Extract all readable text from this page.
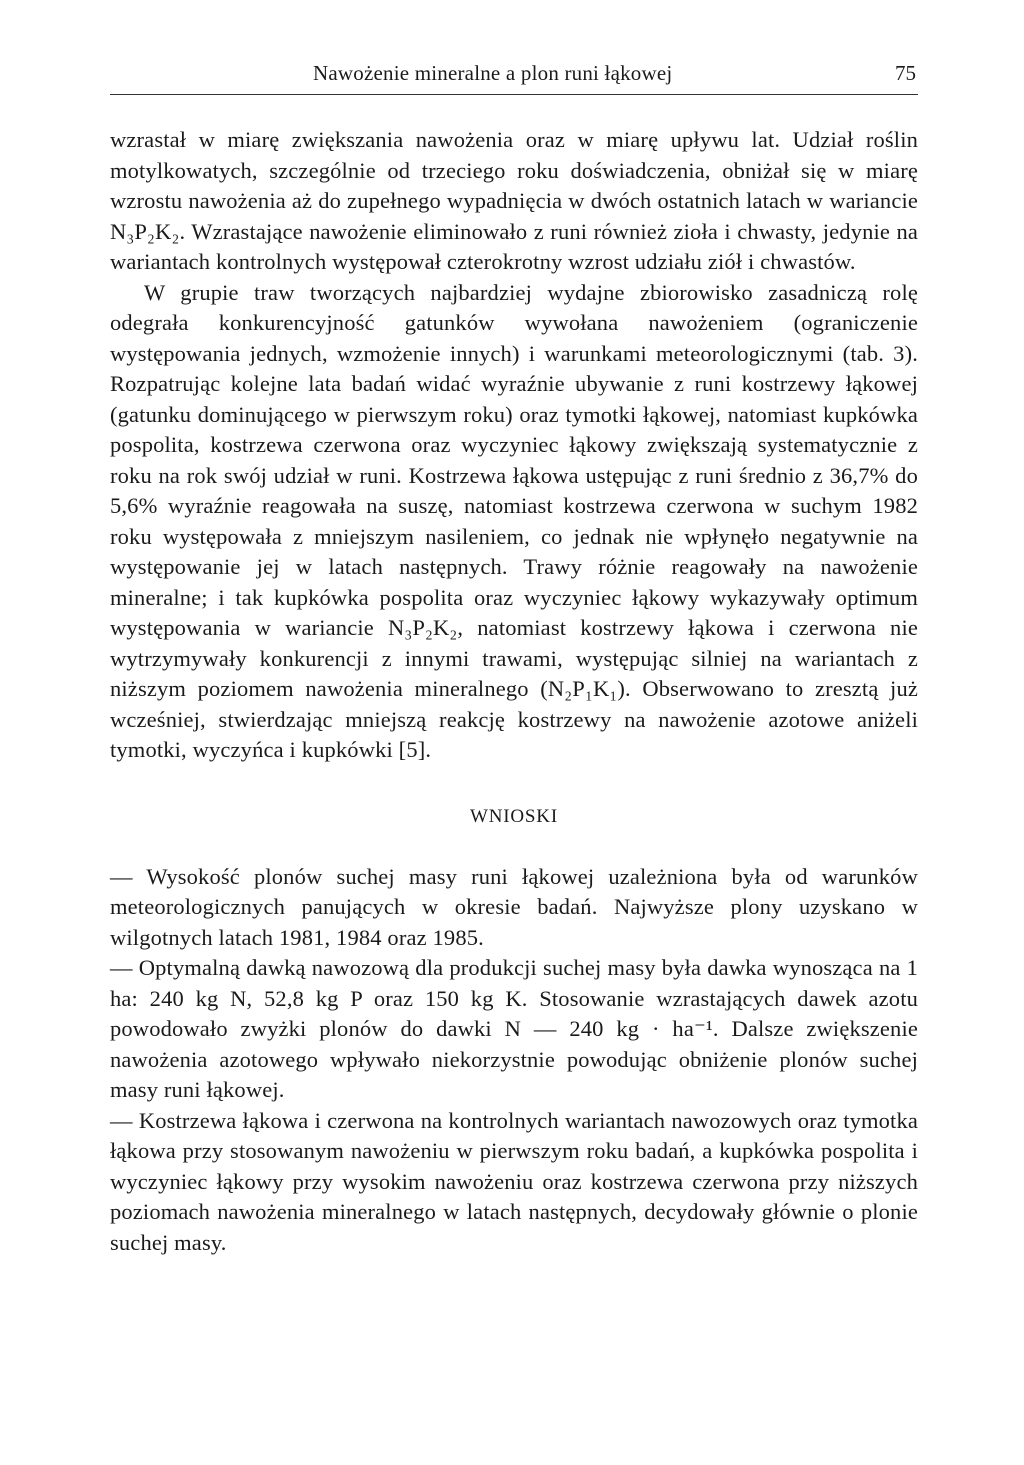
Nawożenie mineralne a plon runi łąkowej	75

wzrastał w miarę zwiększania nawożenia oraz w miarę upływu lat. Udział roślin motylkowatych, szczególnie od trzeciego roku doświadczenia, obniżał się w miarę wzrostu nawożenia aż do zupełnego wypadnięcia w dwóch ostatnich latach w wariancie N₃P₂K₂. Wzrastające nawożenie eliminowało z runi również zioła i chwasty, jedynie na wariantach kontrolnych występował czterokrotny wzrost udziału ziół i chwastów.

W grupie traw tworzących najbardziej wydajne zbiorowisko zasadniczą rolę odegrała konkurencyjność gatunków wywołana nawożeniem (ograniczenie występowania jednych, wzmożenie innych) i warunkami meteorologicznymi (tab. 3). Rozpatrując kolejne lata badań widać wyraźnie ubywanie z runi kostrzewy łąkowej (gatunku dominującego w pierwszym roku) oraz tymotki łąkowej, natomiast kupkówka pospolita, kostrzewa czerwona oraz wyczyniec łąkowy zwiększają systematycznie z roku na rok swój udział w runi. Kostrzewa łąkowa ustępując z runi średnio z 36,7% do 5,6% wyraźnie reagowała na suszę, natomiast kostrzewa czerwona w suchym 1982 roku występowała z mniejszym nasileniem, co jednak nie wpłynęło negatywnie na występowanie jej w latach następnych. Trawy różnie reagowały na nawożenie mineralne; i tak kupkówka pospolita oraz wyczyniec łąkowy wykazywały optimum występowania w wariancie N₃P₂K₂, natomiast kostrzewy łąkowa i czerwona nie wytrzymywały konkurencji z innymi trawami, występując silniej na wariantach z niższym poziomem nawożenia mineralnego (N₂P₁K₁). Obserwowano to zresztą już wcześniej, stwierdzając mniejszą reakcję kostrzewy na nawożenie azotowe aniżeli tymotki, wyczyńca i kupkówki [5].

WNIOSKI

— Wysokość plonów suchej masy runi łąkowej uzależniona była od warunków meteorologicznych panujących w okresie badań. Najwyższe plony uzyskano w wilgotnych latach 1981, 1984 oraz 1985.

— Optymalną dawką nawozową dla produkcji suchej masy była dawka wynosząca na 1 ha: 240 kg N, 52,8 kg P oraz 150 kg K. Stosowanie wzrastających dawek azotu powodowało zwyżki plonów do dawki N — 240 kg · ha⁻¹. Dalsze zwiększenie nawożenia azotowego wpływało niekorzystnie powodując obniżenie plonów suchej masy runi łąkowej.

— Kostrzewa łąkowa i czerwona na kontrolnych wariantach nawozowych oraz tymotka łąkowa przy stosowanym nawożeniu w pierwszym roku badań, a kupkówka pospolita i wyczyniec łąkowy przy wysokim nawożeniu oraz kostrzewa czerwona przy niższych poziomach nawożenia mineralnego w latach następnych, decydowały głównie o plonie suchej masy.
